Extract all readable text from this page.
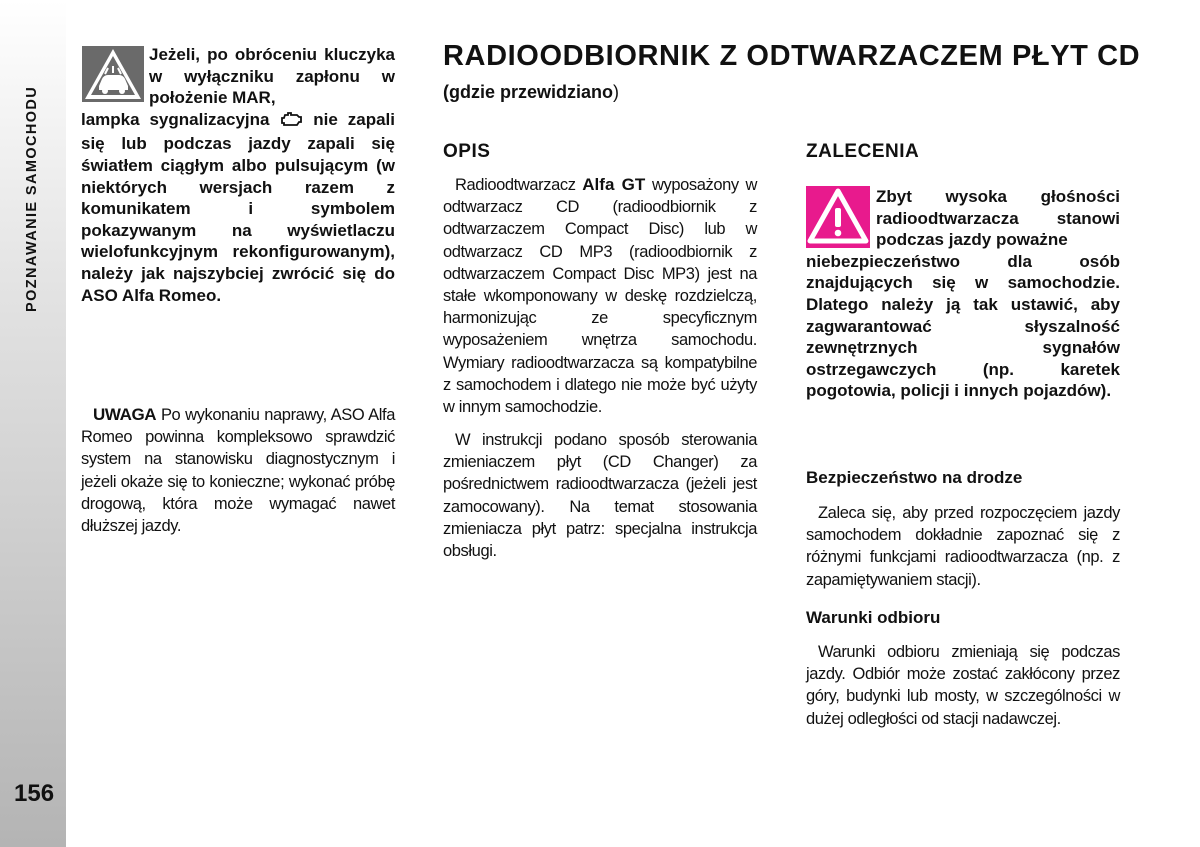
POZNAWANIE SAMOCHODU
156
Jeżeli, po obróceniu kluczyka w wyłączniku zapłonu w położenie MAR,
lampka sygnalizacyjna	nie zapali się lub podczas jazdy zapali się światłem ciągłym albo pulsującym (w niektórych wersjach razem z komunikatem i symbolem pokazywanym na wyświetlaczu wielofunkcyjnym rekonfigurowanym), należy jak najszybciej zwrócić się do ASO Alfa Romeo.
UWAGA Po wykonaniu naprawy, ASO Alfa Romeo powinna kompleksowo sprawdzić system na stanowisku diagnostycznym i jeżeli okaże się to konieczne; wykonać próbę drogową, która może wymagać nawet dłuższej jazdy.
RADIOODBIORNIK Z ODTWARZACZEM PŁYT CD
(gdzie przewidziano)
OPIS
Radioodtwarzacz Alfa GT wyposażony w odtwarzacz CD (radioodbiornik z odtwarzaczem Compact Disc) lub w odtwarzacz CD MP3 (radioodbiornik z odtwarzaczem Compact Disc MP3) jest na stałe wkomponowany w deskę rozdzielczą, harmonizując ze specyficznym wyposażeniem wnętrza samochodu. Wymiary radioodtwarzacza są kompatybilne z samochodem i dlatego nie może być użyty w innym samochodzie.
W instrukcji podano sposób sterowania zmieniaczem płyt (CD Changer) za pośrednictwem radioodtwarzacza (jeżeli jest zamocowany). Na temat stosowania zmieniacza płyt patrz: specjalna instrukcja obsługi.
ZALECENIA
Zbyt wysoka głośności radioodtwarzacza stanowi podczas jazdy poważne
niebezpieczeństwo dla osób znajdujących się w samochodzie. Dlatego należy ją tak ustawić, aby zagwarantować słyszalność zewnętrznych sygnałów ostrzegawczych (np. karetek pogotowia, policji i innych pojazdów).
Bezpieczeństwo na drodze
Zaleca się, aby przed rozpoczęciem jazdy samochodem dokładnie zapoznać się z różnymi funkcjami radioodtwarzacza (np. z zapamiętywaniem stacji).
Warunki odbioru
Warunki odbioru zmieniają się podczas jazdy. Odbiór może zostać zakłócony przez góry, budynki lub mosty, w szczególności w dużej odległości od stacji nadawczej.
